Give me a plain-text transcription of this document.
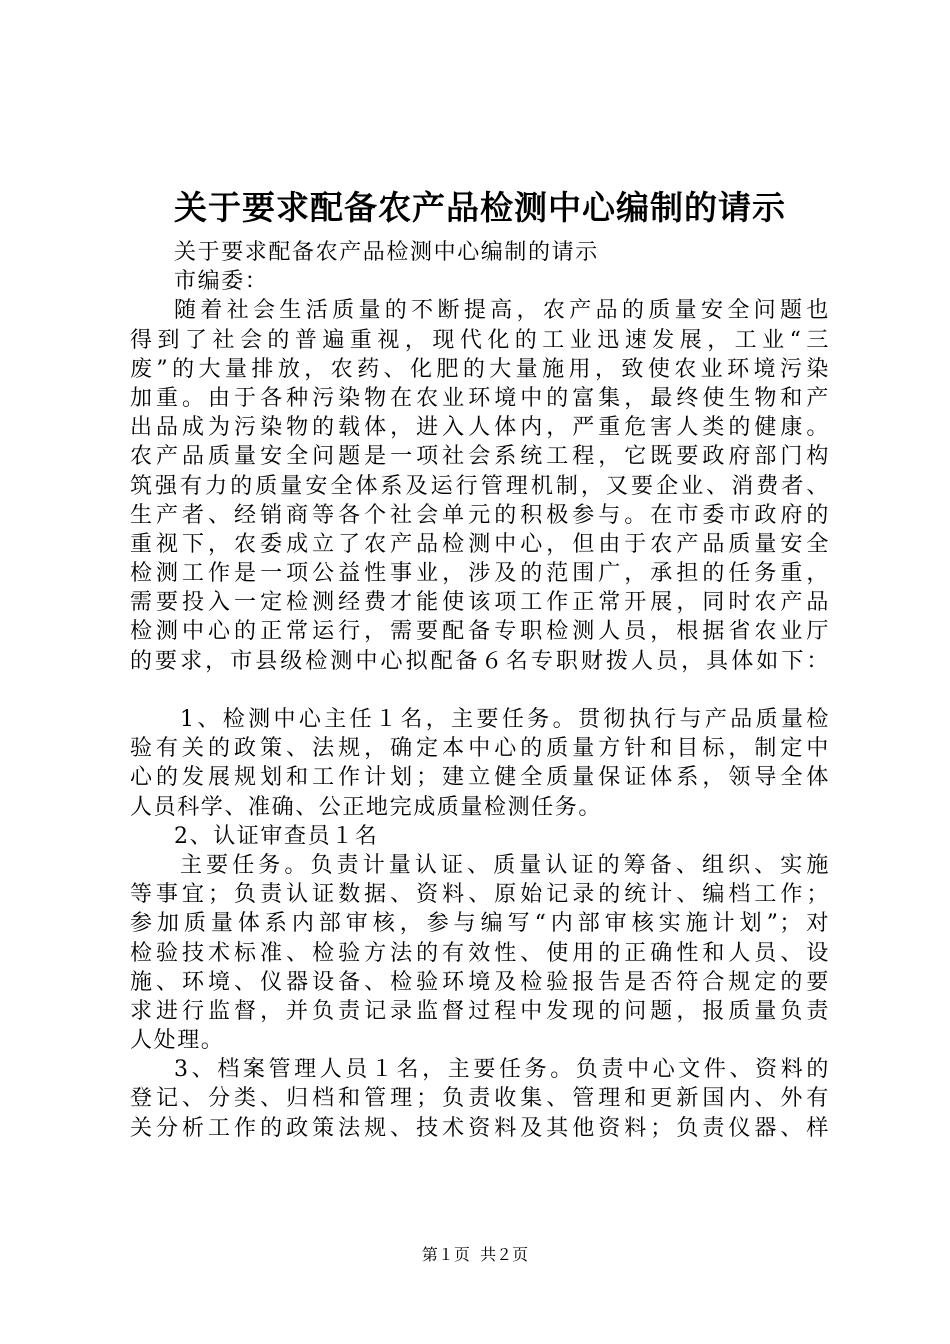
关于要求配备农产品检测中心编制的请示
关于要求配备农产品检测中心编制的请示
市编委：
随着社会生活质量的不断提高，农产品的质量安全问题也
得到了社会的普遍重视，现代化的工业迅速发展，工业“三
废”的大量排放，农药、化肥的大量施用，致使农业环境污染
加重。由于各种污染物在农业环境中的富集，最终使生物和产
出品成为污染物的载体，进入人体内，严重危害人类的健康。
农产品质量安全问题是一项社会系统工程，它既要政府部门构
筑强有力的质量安全体系及运行管理机制，又要企业、消费者、
生产者、经销商等各个社会单元的积极参与。在市委市政府的
重视下，农委成立了农产品检测中心，但由于农产品质量安全
检测工作是一项公益性事业，涉及的范围广，承担的任务重，
需要投入一定检测经费才能使该项工作正常开展，同时农产品
检测中心的正常运行，需要配备专职检测人员，根据省农业厅
的要求，市县级检测中心拟配备６名专职财拨人员，具体如下：
1、检测中心主任１名，主要任务。贯彻执行与产品质量检
验有关的政策、法规，确定本中心的质量方针和目标，制定中
心的发展规划和工作计划；建立健全质量保证体系，领导全体
人员科学、准确、公正地完成质量检测任务。
2、认证审查员１名
主要任务。负责计量认证、质量认证的筹备、组织、实施
等事宜；负责认证数据、资料、原始记录的统计、编档工作；
参加质量体系内部审核，参与编写“内部审核实施计划”；对
检验技术标准、检验方法的有效性、使用的正确性和人员、设
施、环境、仪器设备、检验环境及检验报告是否符合规定的要
求进行监督，并负责记录监督过程中发现的问题，报质量负责
人处理。
3、档案管理人员１名，主要任务。负责中心文件、资料的
登记、分类、归档和管理；负责收集、管理和更新国内、外有
关分析工作的政策法规、技术资料及其他资料；负责仪器、样
第１页  共２页
